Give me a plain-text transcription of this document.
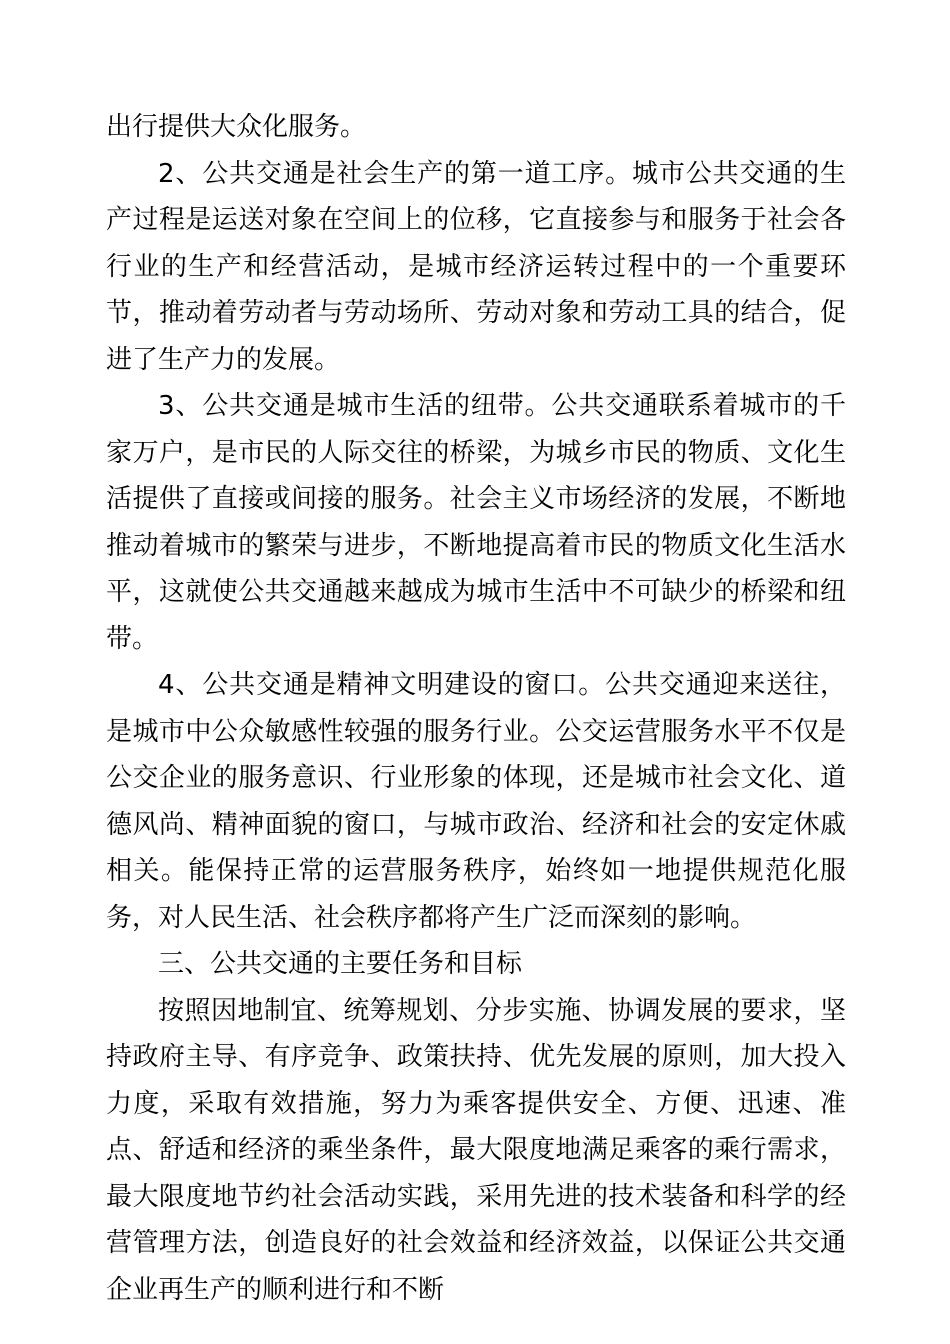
出行提供大众化服务。

2、公共交通是社会生产的第一道工序。城市公共交通的生产过程是运送对象在空间上的位移，它直接参与和服务于社会各行业的生产和经营活动，是城市经济运转过程中的一个重要环节，推动着劳动者与劳动场所、劳动对象和劳动工具的结合，促进了生产力的发展。

3、公共交通是城市生活的纽带。公共交通联系着城市的千家万户，是市民的人际交往的桥梁，为城乡市民的物质、文化生活提供了直接或间接的服务。社会主义市场经济的发展，不断地推动着城市的繁荣与进步，不断地提高着市民的物质文化生活水平，这就使公共交通越来越成为城市生活中不可缺少的桥梁和纽带。

4、公共交通是精神文明建设的窗口。公共交通迎来送往，是城市中公众敏感性较强的服务行业。公交运营服务水平不仅是公交企业的服务意识、行业形象的体现，还是城市社会文化、道德风尚、精神面貌的窗口，与城市政治、经济和社会的安定休戚相关。能保持正常的运营服务秩序，始终如一地提供规范化服务，对人民生活、社会秩序都将产生广泛而深刻的影响。

三、公共交通的主要任务和目标

按照因地制宜、统筹规划、分步实施、协调发展的要求，坚持政府主导、有序竞争、政策扶持、优先发展的原则，加大投入力度，采取有效措施，努力为乘客提供安全、方便、迅速、准点、舒适和经济的乘坐条件，最大限度地满足乘客的乘行需求，最大限度地节约社会活动实践，采用先进的技术装备和科学的经营管理方法，创造良好的社会效益和经济效益，以保证公共交通企业再生产的顺利进行和不断
